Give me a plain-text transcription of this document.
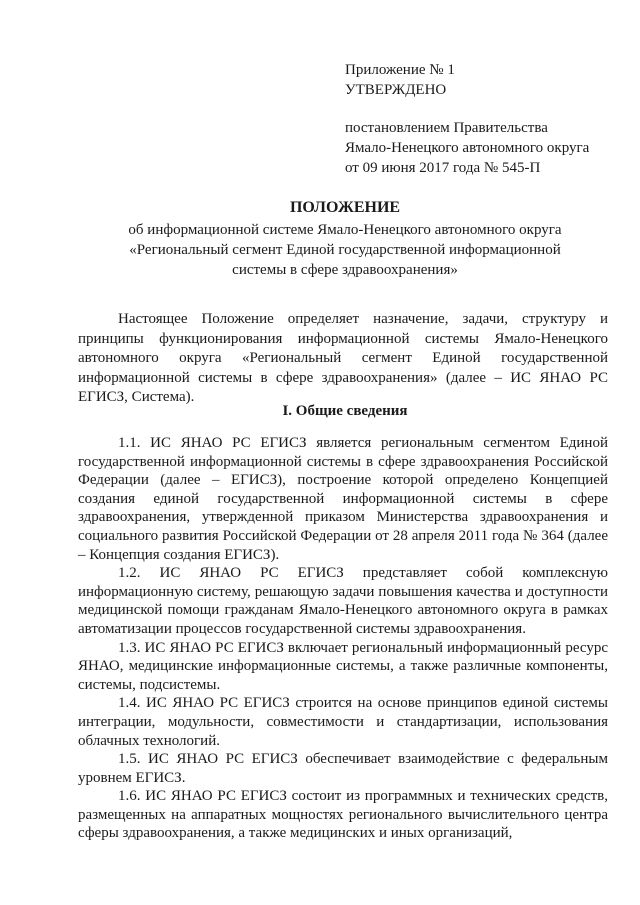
Приложение № 1
УТВЕРЖДЕНО
постановлением Правительства
Ямало-Ненецкого автономного округа
от 09 июня 2017 года № 545-П
ПОЛОЖЕНИЕ
об информационной системе Ямало-Ненецкого автономного округа
«Региональный сегмент Единой государственной информационной
системы в сфере здравоохранения»

Настоящее Положение определяет назначение, задачи, структуру и принципы функционирования информационной системы Ямало-Ненецкого автономного округа «Региональный сегмент Единой государственной информационной системы в сфере здравоохранения» (далее – ИС ЯНАО РС ЕГИСЗ, Система).

I. Общие сведения

1.1. ИС ЯНАО РС ЕГИСЗ является региональным сегментом Единой государственной информационной системы в сфере здравоохранения Российской Федерации (далее – ЕГИСЗ), построение которой определено Концепцией создания единой государственной информационной системы в сфере здравоохранения, утвержденной приказом Министерства здравоохранения и социального развития Российской Федерации от 28 апреля 2011 года № 364 (далее – Концепция создания ЕГИСЗ).

1.2. ИС ЯНАО РС ЕГИСЗ представляет собой комплексную информационную систему, решающую задачи повышения качества и доступности медицинской помощи гражданам Ямало-Ненецкого автономного округа в рамках автоматизации процессов государственной системы здравоохранения.

1.3. ИС ЯНАО РС ЕГИСЗ включает региональный информационный ресурс ЯНАО, медицинские информационные системы, а также различные компоненты, системы, подсистемы.

1.4. ИС ЯНАО РС ЕГИСЗ строится на основе принципов единой системы интеграции, модульности, совместимости и стандартизации, использования облачных технологий.

1.5. ИС ЯНАО РС ЕГИСЗ обеспечивает взаимодействие с федеральным уровнем ЕГИСЗ.

1.6. ИС ЯНАО РС ЕГИСЗ состоит из программных и технических средств, размещенных на аппаратных мощностях регионального вычислительного центра сферы здравоохранения, а также медицинских и иных организаций,
